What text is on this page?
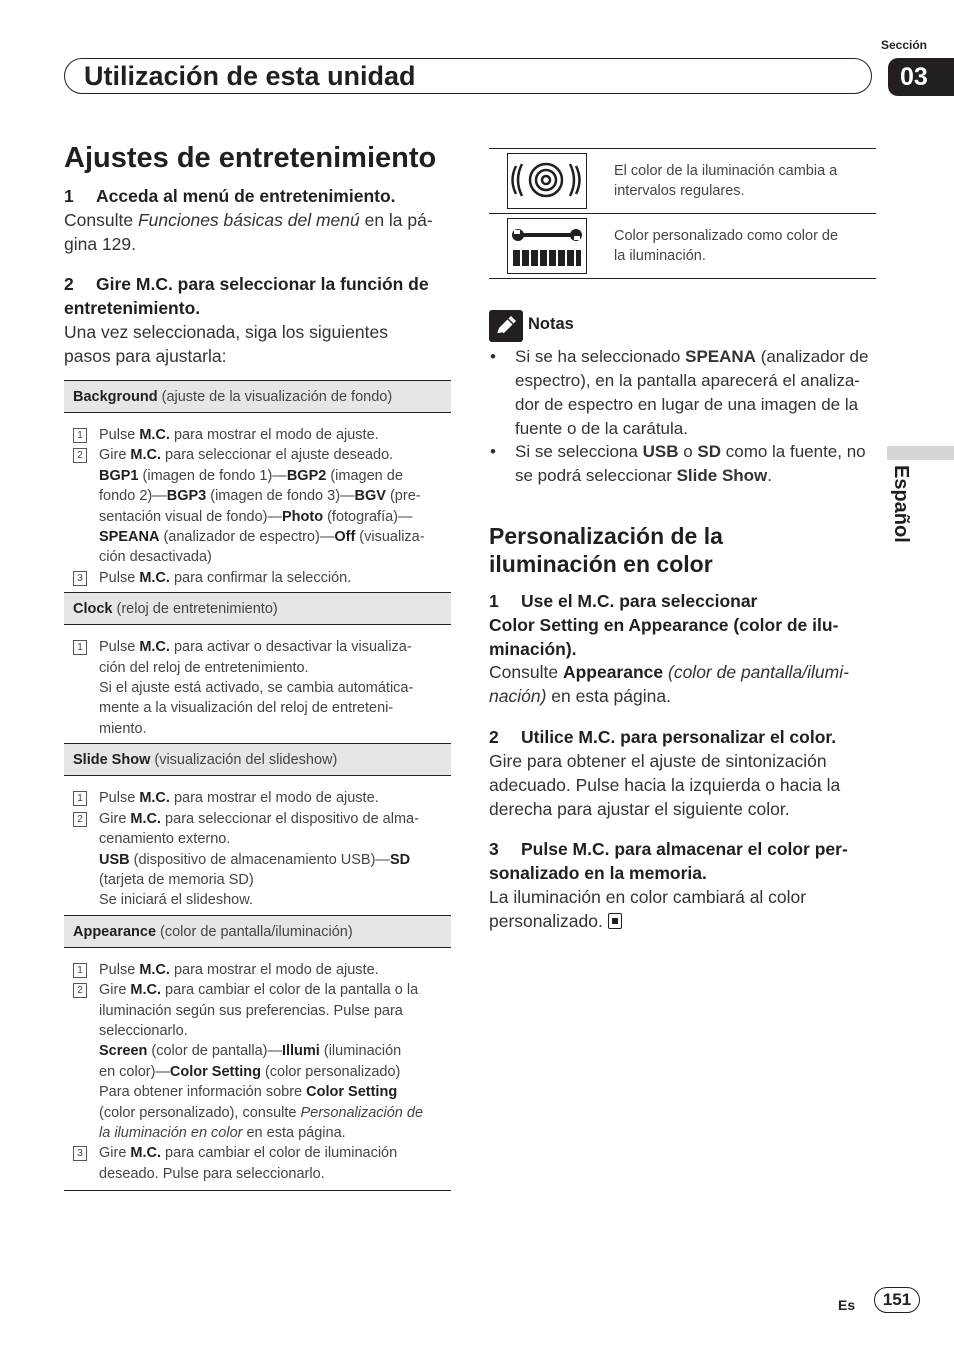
Sección
Utilización de esta unidad	03
Ajustes de entretenimiento
1 Acceda al menú de entretenimiento.
Consulte Funciones básicas del menú en la pá-
gina 129.
2 Gire M.C. para seleccionar la función de
entretenimiento.
Una vez seleccionada, siga los siguientes
pasos para ajustarla:
Background (ajuste de la visualización de fondo)
1 Pulse M.C. para mostrar el modo de ajuste.
2 Gire M.C. para seleccionar el ajuste deseado.
BGP1 (imagen de fondo 1)—BGP2 (imagen de
fondo 2)—BGP3 (imagen de fondo 3)—BGV (pre-
sentación visual de fondo)—Photo (fotografía)—
SPEANA (analizador de espectro)—Off (visualiza-
ción desactivada)
3 Pulse M.C. para confirmar la selección.
Clock (reloj de entretenimiento)
1 Pulse M.C. para activar o desactivar la visualiza-
ción del reloj de entretenimiento.
Si el ajuste está activado, se cambia automática-
mente a la visualización del reloj de entreteni-
miento.
Slide Show (visualización del slideshow)
1 Pulse M.C. para mostrar el modo de ajuste.
2 Gire M.C. para seleccionar el dispositivo de alma-
cenamiento externo.
USB (dispositivo de almacenamiento USB)—SD
(tarjeta de memoria SD)
Se iniciará el slideshow.
Appearance (color de pantalla/iluminación)
1 Pulse M.C. para mostrar el modo de ajuste.
2 Gire M.C. para cambiar el color de la pantalla o la
iluminación según sus preferencias. Pulse para
seleccionarlo.
Screen (color de pantalla)—Illumi (iluminación
en color)—Color Setting (color personalizado)
Para obtener información sobre Color Setting
(color personalizado), consulte Personalización de
la iluminación en color en esta página.
3 Gire M.C. para cambiar el color de iluminación
deseado. Pulse para seleccionarlo.
El color de la iluminación cambia a
intervalos regulares.
Color personalizado como color de
la iluminación.
Notas
• Si se ha seleccionado SPEANA (analizador de espectro), en la pantalla aparecerá el analiza-dor de espectro en lugar de una imagen de la fuente o de la carátula.
• Si se selecciona USB o SD como la fuente, no se podrá seleccionar Slide Show.
Personalización de la
iluminación en color
1 Use el M.C. para seleccionar
Color Setting en Appearance (color de ilu-
minación).
Consulte Appearance (color de pantalla/ilumi-
nación) en esta página.
2 Utilice M.C. para personalizar el color.
Gire para obtener el ajuste de sintonización
adecuado. Pulse hacia la izquierda o hacia la
derecha para ajustar el siguiente color.
3 Pulse M.C. para almacenar el color per-
sonalizado en la memoria.
La iluminación en color cambiará al color
personalizado.
Español
Es	151
